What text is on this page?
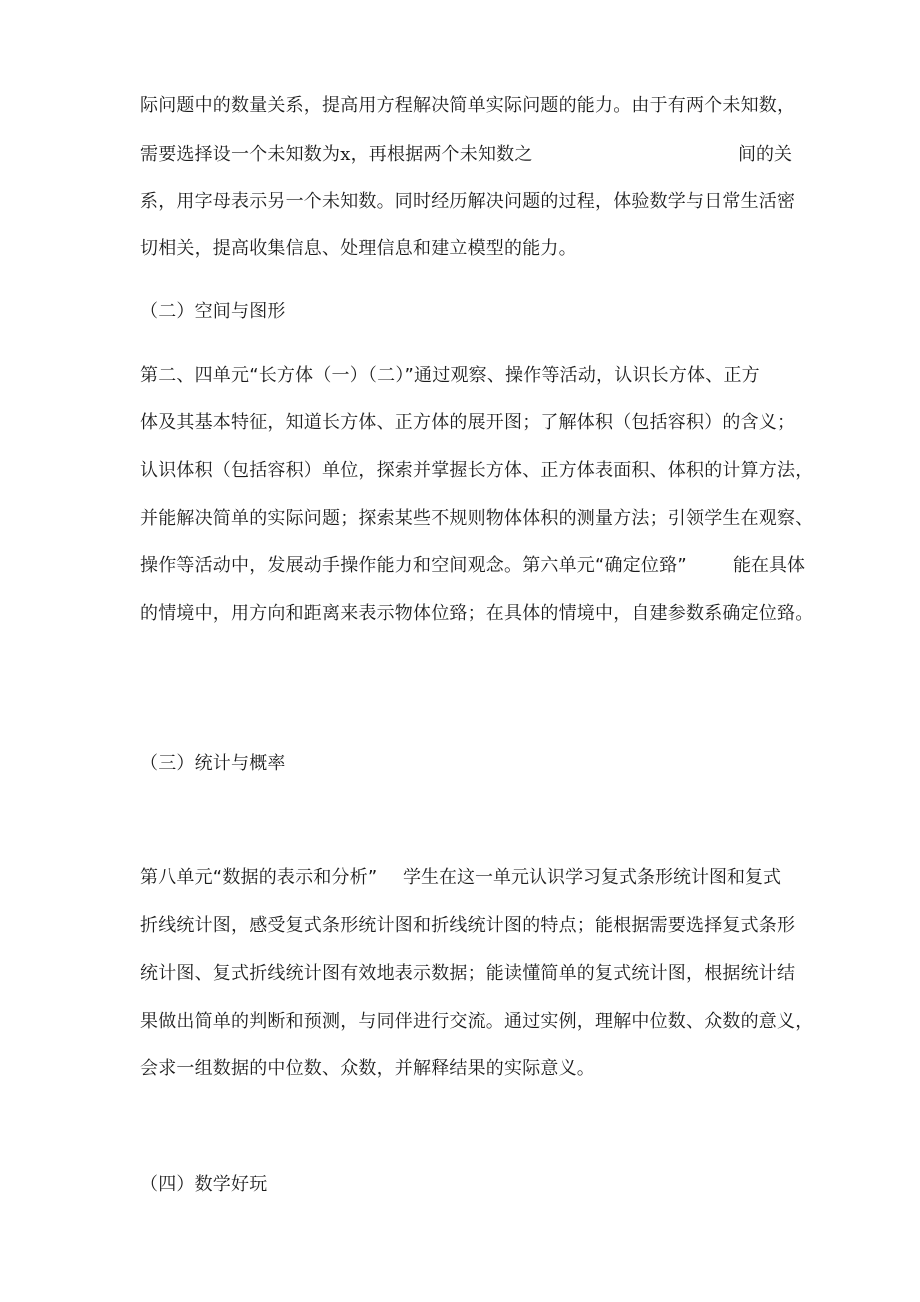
际问题中的数量关系，提高用方程解决简单实际问题的能力。由于有两个未知数，
需要选择设一个未知数为x，再根据两个未知数之	间的关
系，用字母表示另一个未知数。同时经历解决问题的过程，体验数学与日常生活密
切相关，提高收集信息、处理信息和建立模型的能力。
（二）空间与图形
第二、四单元“长方体（一）（二）”通过观察、操作等活动，认识长方体、正方
体及其基本特征，知道长方体、正方体的展开图；了解体积（包括容积）的含义；
认识体积（包括容积）单位，探索并掌握长方体、正方体表面积、体积的计算方法，
并能解决简单的实际问题；探索某些不规则物体体积的测量方法；引领学生在观察、
操作等活动中，发展动手操作能力和空间观念。第六单元“确定位臵”	能在具体
的情境中，用方向和距离来表示物体位臵；在具体的情境中，自建参数系确定位臵。
（三）统计与概率
第八单元“数据的表示和分析” 学生在这一单元认识学习复式条形统计图和复式
折线统计图，感受复式条形统计图和折线统计图的特点；能根据需要选择复式条形
统计图、复式折线统计图有效地表示数据；能读懂简单的复式统计图，根据统计结
果做出简单的判断和预测，与同伴进行交流。通过实例，理解中位数、众数的意义，
会求一组数据的中位数、众数，并解释结果的实际意义。
（四）数学好玩
